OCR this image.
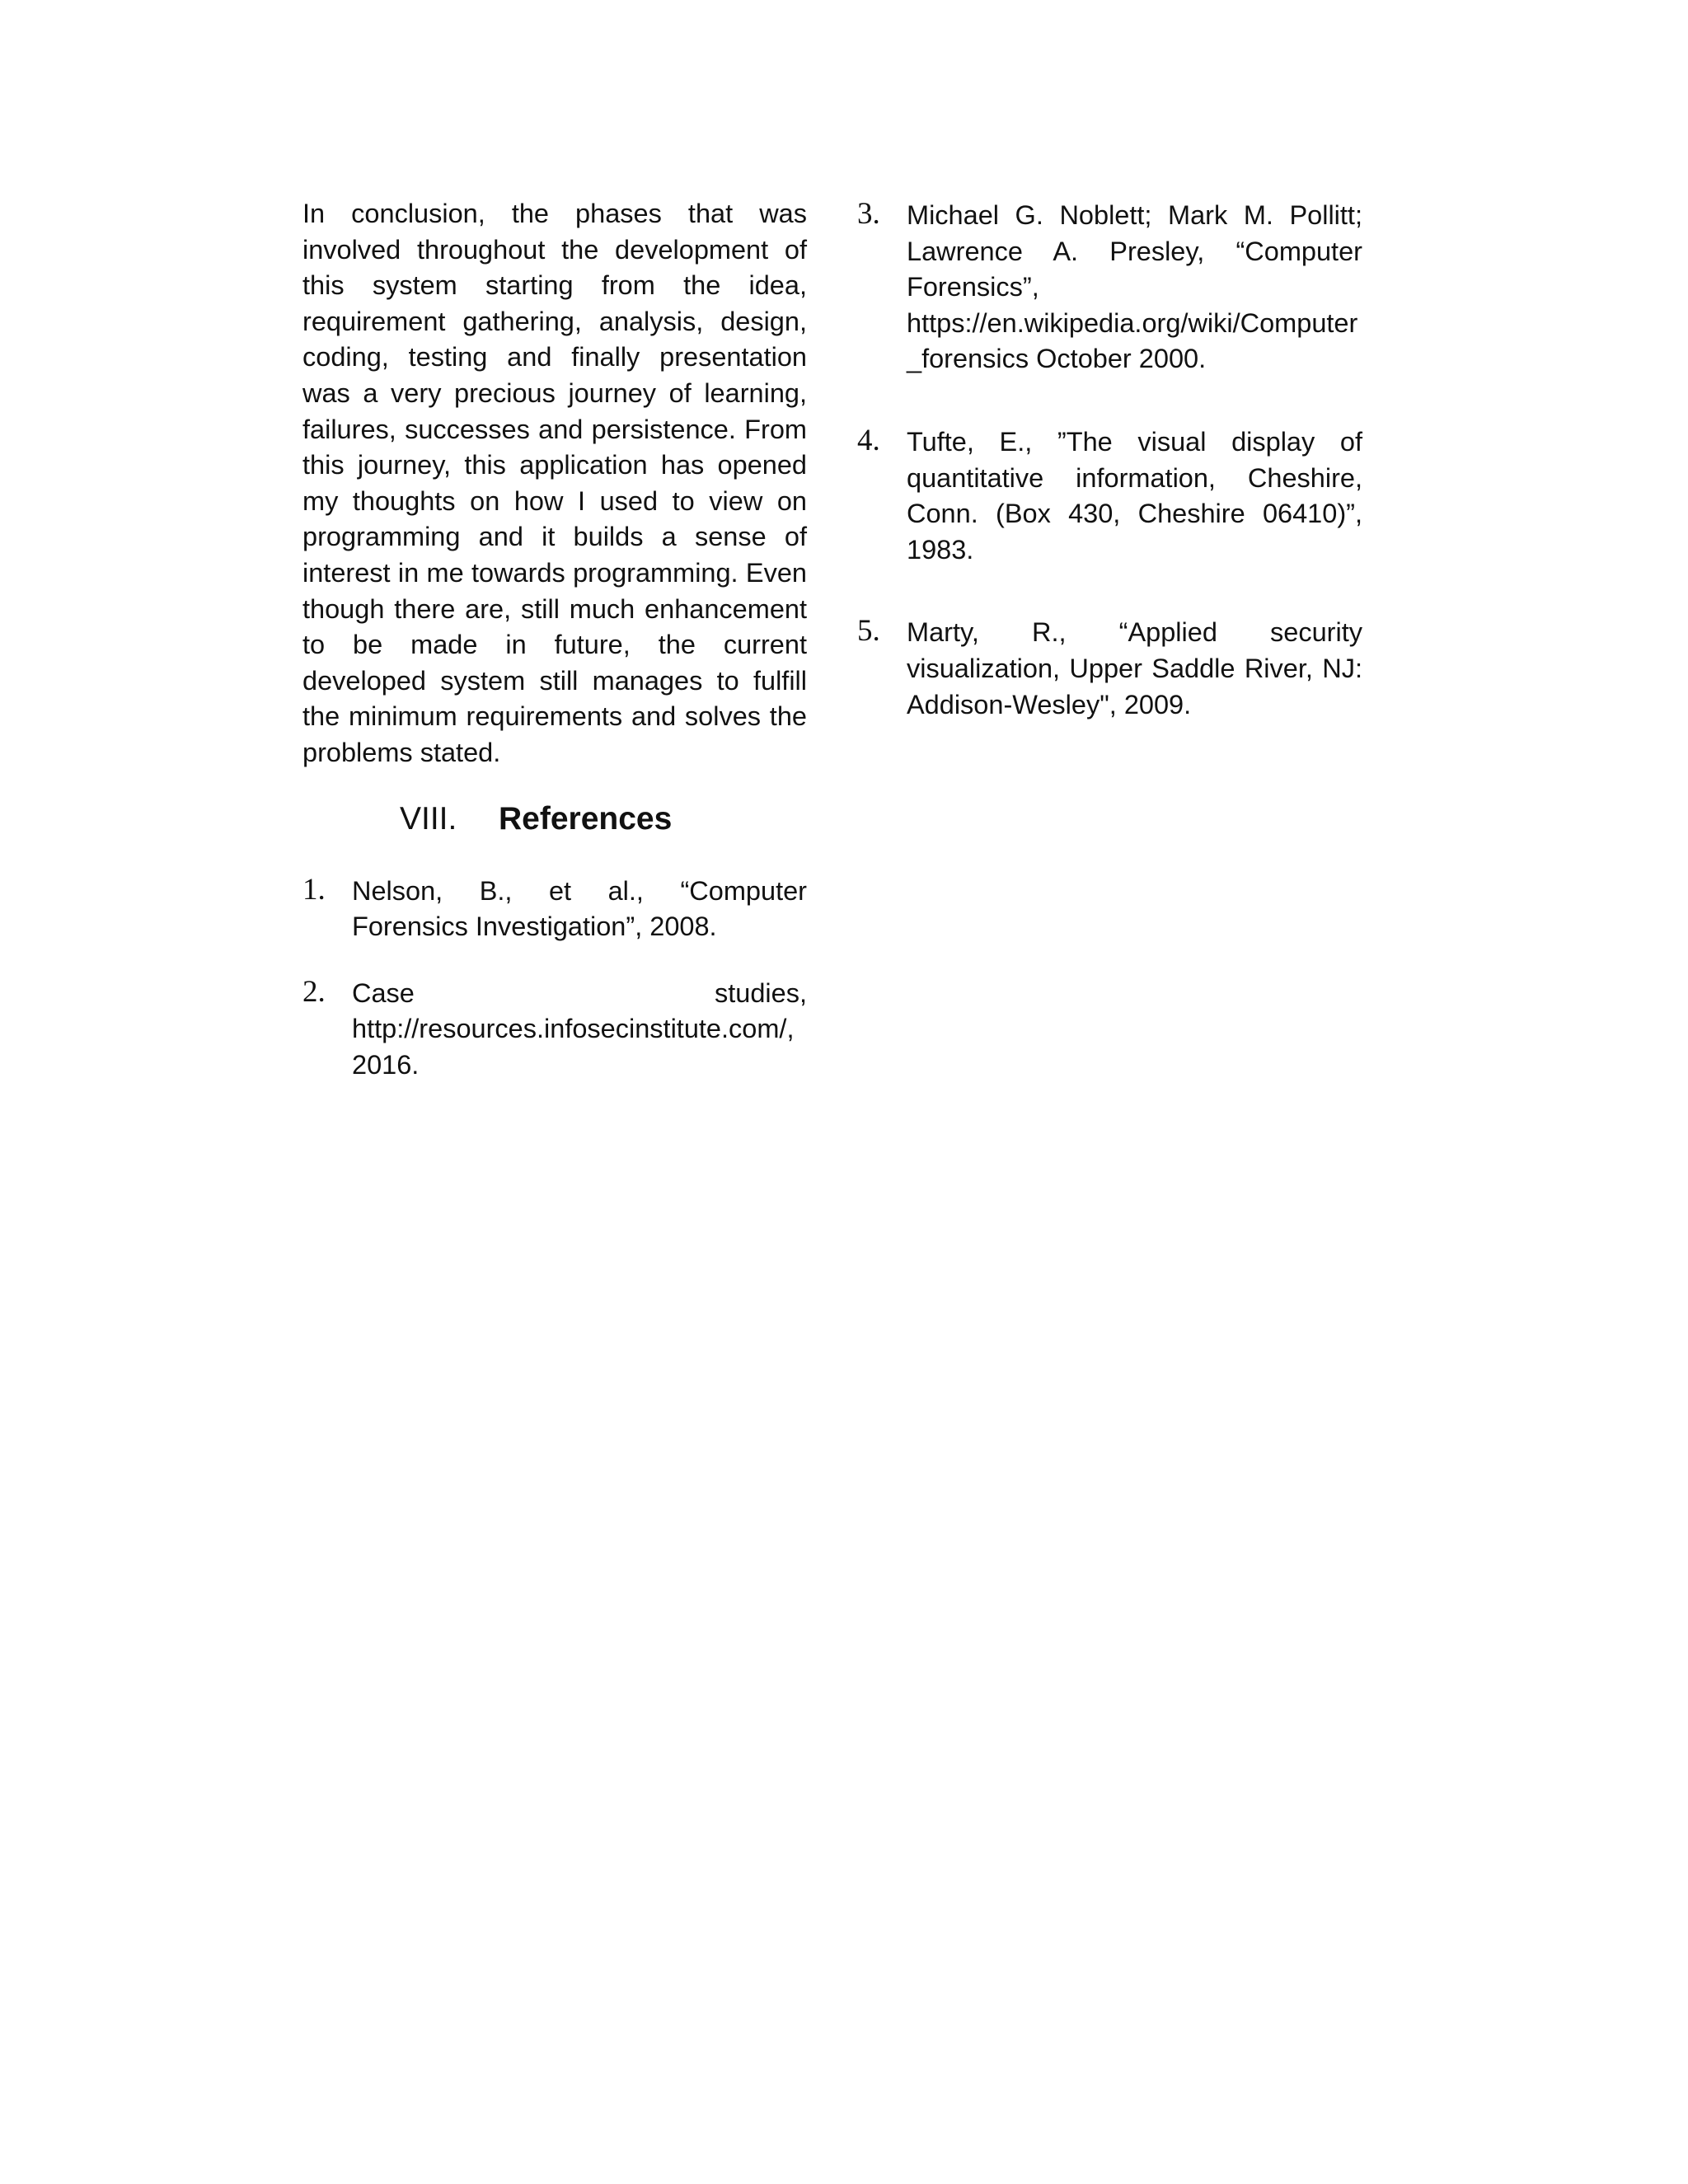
In conclusion, the phases that was involved throughout the development of this system starting from the idea, requirement gathering, analysis, design, coding, testing and finally presentation was a very precious journey of learning, failures, successes and persistence. From this journey, this application has opened my thoughts on how I used to view on programming and it builds a sense of interest in me towards programming. Even though there are, still much enhancement to be made in future, the current developed system still manages to fulfill the minimum requirements and solves the problems stated.

VIII. References
1. Nelson, B., et al., “Computer Forensics Investigation”, 2008.
2. Case studies, http://resources.infosecinstitute.com/, 2016.
3. Michael G. Noblett; Mark M. Pollitt; Lawrence A. Presley, “Computer Forensics”, https://en.wikipedia.org/wiki/Computer_forensics October 2000.
4. Tufte, E., ”The visual display of quantitative information, Cheshire, Conn. (Box 430, Cheshire 06410)”, 1983.
5. Marty, R., “Applied security visualization, Upper Saddle River, NJ: Addison-Wesley", 2009.
